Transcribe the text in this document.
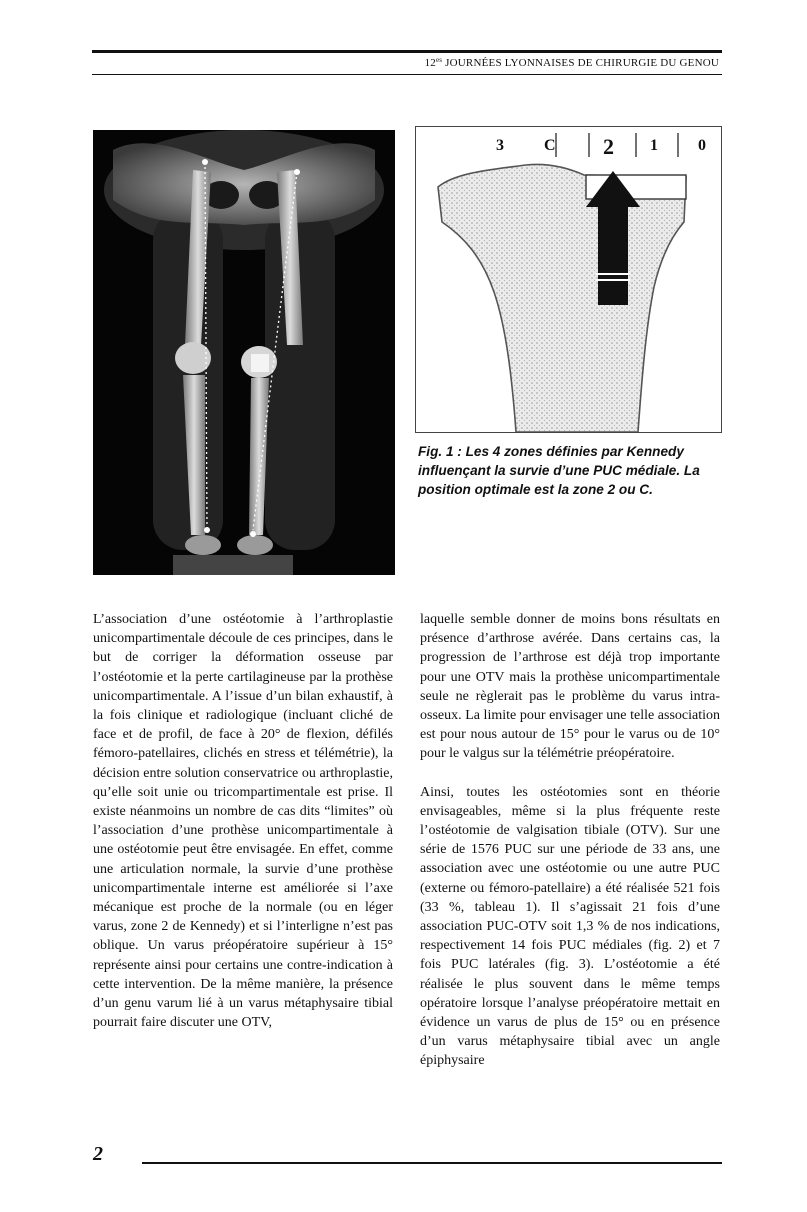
$12^{es}$ JOURNÉES LYONNAISES DE CHIRURGIE DU GENOU
3	C 2 1	0
Fig. 1 : Les 4 zones définies par Kennedy influençant la survie d’une PUC médiale. La position optimale est la zone 2 ou C.

L’association d’une ostéotomie à l’arthroplastie unicompartimentale découle de ces principes, dans le but de corriger la déformation osseuse par l’ostéotomie et la perte cartilagineuse par la prothèse unicompartimentale. A l’issue d’un bilan exhaustif, à la fois clinique et radiologique (incluant cliché de face et de profil, de face à 20° de flexion, défilés fémoro-patellaires, clichés en stress et télémétrie), la décision entre solution conservatrice ou arthroplastie, qu’elle soit unie ou tricompartimentale est prise. Il existe néanmoins un nombre de cas dits “limites” où l’association d’une prothèse unicompartimentale à une ostéotomie peut être envisagée. En effet, comme une articulation normale, la survie d’une prothèse unicompartimentale interne est améliorée si l’axe mécanique est proche de la normale (ou en léger varus, zone 2 de Kennedy) et si l’interligne n’est pas oblique. Un varus préopératoire supérieur à 15° représente ainsi pour certains une contre-indication à cette intervention. De la même manière, la présence d’un genu varum lié à un varus métaphysaire tibial pourrait faire discuter une OTV,

laquelle semble donner de moins bons résultats en présence d’arthrose avérée. Dans certains cas, la progression de l’arthrose est déjà trop importante pour une OTV mais la prothèse unicompartimentale seule ne règlerait pas le problème du varus intra-osseux. La limite pour envisager une telle association est pour nous autour de 15° pour le varus ou de 10° pour le valgus sur la télémétrie préopératoire.

Ainsi, toutes les ostéotomies sont en théorie envisageables, même si la plus fréquente reste l’ostéotomie de valgisation tibiale (OTV). Sur une série de 1576 PUC sur une période de 33 ans, une association avec une ostéotomie ou une autre PUC (externe ou fémoro-patellaire) a été réalisée 521 fois (33 %, tableau 1). Il s’agissait 21 fois d’une association PUC-OTV soit 1,3 % de nos indications, respectivement 14 fois PUC médiales (fig. 2) et 7 fois PUC latérales (fig. 3). L’ostéotomie a été réalisée le plus souvent dans le même temps opératoire lorsque l’analyse préopératoire mettait en évidence un varus de plus de 15° ou en présence d’un varus métaphysaire tibial avec un angle épiphysaire

2
